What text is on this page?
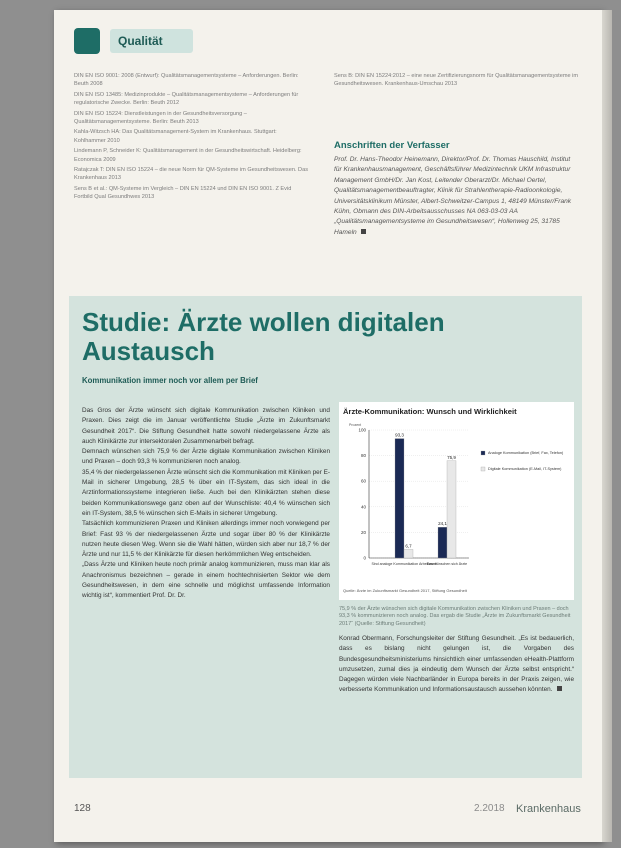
Qualität

DIN EN ISO 9001: 2008 (Entwurf): Qualitätsmanagementsysteme – Anforderungen. Berlin: Beuth 2008

DIN EN ISO 13485: Medizinprodukte – Qualitätsmanagementsysteme – Anforderungen für regulatorische Zwecke. Berlin: Beuth 2012

DIN EN ISO 15224: Dienstleistungen in der Gesundheitsversorgung – Qualitätsmanagementsysteme. Berlin: Beuth 2013

Kahla-Witzsch HA: Das Qualitätsmanagement-System im Krankenhaus. Stuttgart: Kohlhammer 2010

Lindemann P, Schneider K: Qualitätsmanagement in der Gesundheitswirtschaft. Heidelberg: Economica 2009

Ratajczak T: DIN EN ISO 15224 – die neue Norm für QM-Systeme im Gesundheitswesen. Das Krankenhaus 2013

Sens B et al.: QM-Systeme im Vergleich – DIN EN 15224 und DIN EN ISO 9001. Z Evid Fortbild Qual Gesundhwes 2013

Sens B: DIN EN 15224:2012 – eine neue Zertifizierungsnorm für Qualitätsmanagementsysteme im Gesundheitswesen. Krankenhaus-Umschau 2013

Anschriften der Verfasser
Prof. Dr. Hans-Theodor Heinemann, Direktor/Prof. Dr. Thomas Hauschild, Institut für Krankenhausmanagement, Geschäftsführer Medizintechnik UKM Infrastruktur Management GmbH/Dr. Jan Kost, Leitender Oberarzt/Dr. Michael Oertel, Qualitätsmanagementbeauftragter, Klinik für Strahlentherapie-Radioonkologie, Universitätsklinikum Münster, Albert-Schweitzer-Campus 1, 48149 Münster/Frank Kühn, Obmann des DIN-Arbeitsausschusses NA 063-03-03 AA „Qualitätsmanagementsysteme im Gesundheitswesen“, Hollenweg 25, 31785 Hameln
Studie: Ärzte wollen digitalen Austausch
Kommunikation immer noch vor allem per Brief

Das Gros der Ärzte wünscht sich digitale Kommunikation zwischen Kliniken und Praxen. Dies zeigt die im Januar veröffentlichte Studie „Ärzte im Zukunftsmarkt Gesundheit 2017“. Die Stiftung Gesundheit hatte sowohl niedergelassene Ärzte als auch Klinikärzte zur intersektoralen Zusammenarbeit befragt.

Demnach wünschen sich 75,9 % der Ärzte digitale Kommunikation zwischen Kliniken und Praxen – doch 93,3 % kommunizieren noch analog.

35,4 % der niedergelassenen Ärzte wünscht sich die Kommunikation mit Kliniken per E-Mail in sicherer Umgebung, 28,5 % über ein IT-System, das sich ideal in die Arztinformationssysteme integrieren ließe. Auch bei den Klinikärzten stehen diese beiden Kommunikationswege ganz oben auf der Wunschliste: 40,4 % wünschen sich ein IT-System, 38,5 % wünschen sich E-Mails in sicherer Umgebung.

Tatsächlich kommunizieren Praxen und Kliniken allerdings immer noch vorwiegend per Brief: Fast 93 % der niedergelassenen Ärzte und sogar über 80 % der Klinikärzte nutzen heute diesen Weg. Wenn sie die Wahl hätten, würden sich aber nur 18,7 % der Ärzte und nur 11,5 % der Klinikärzte für diesen herkömmlichen Weg entscheiden.

„Dass Ärzte und Kliniken heute noch primär analog kommunizieren, muss man klar als Anachronismus bezeichnen – gerade in einem hochtechnisierten Sektor wie dem Gesundheitswesen, in dem eine schnelle und möglichst umfassende Information wichtig ist“, kommentiert Prof. Dr. Dr.

Ärzte-Kommunikation: Wunsch und Wirklichkeit
Prozent
0
20
40
60
80
100
93,3
6,7
Sind analoge Kommunikation Arbeitswelt
24,1
75,9
Das wünschen sich Ärzte
Analoge Kommunikation (Brief, Fax, Telefon)
Digitale Kommunikation (E-Mail, IT-System)
Quelle: Ärzte im Zukunftsmarkt Gesundheit 2017, Stiftung Gesundheit
75,9 % der Ärzte wünschen sich digitale Kommunikation zwischen Kliniken und Praxen – doch 93,3 % kommunizieren noch analog. Das ergab die Studie „Ärzte im Zukunftsmarkt Gesundheit 2017“ (Quelle: Stiftung Gesundheit)

Konrad Obermann, Forschungsleiter der Stiftung Gesundheit. „Es ist bedauerlich, dass es bislang nicht gelungen ist, die Vorgaben des Bundesgesundheitsministeriums hinsichtlich einer umfassenden eHealth-Plattform umzusetzen, zumal dies ja eindeutig dem Wunsch der Ärzte selbst entspricht.“ Dagegen würden viele Nachbarländer in Europa bereits in der Praxis zeigen, wie verbesserte Kommunikation und Informationsaustausch aussehen könnten.

128	2.2018 Krankenhaus
